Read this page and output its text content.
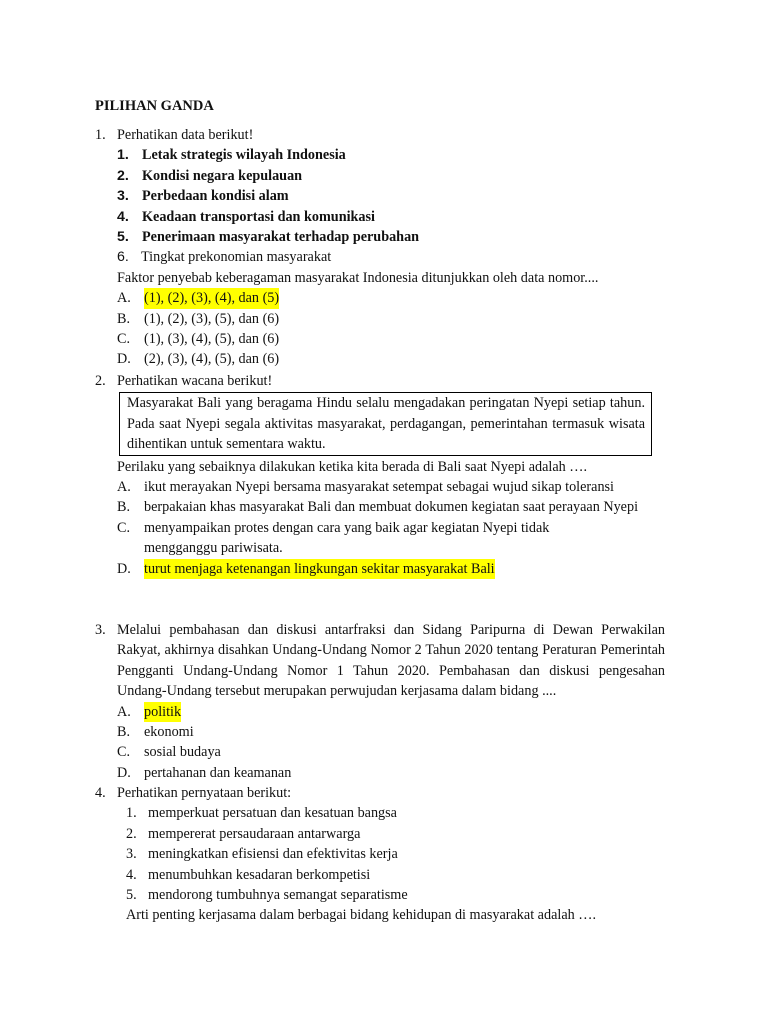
PILIHAN GANDA
1. Perhatikan data berikut!
1. Letak strategis wilayah Indonesia
2. Kondisi negara kepulauan
3. Perbedaan kondisi alam
4. Keadaan transportasi dan komunikasi
5. Penerimaan masyarakat terhadap perubahan
6. Tingkat prekonomian masyarakat
Faktor penyebab keberagaman masyarakat Indonesia ditunjukkan oleh data nomor....
A. (1), (2), (3), (4), dan (5)
B. (1), (2), (3), (5), dan (6)
C. (1), (3), (4), (5), dan (6)
D. (2), (3), (4), (5), dan (6)
2. Perhatikan wacana berikut!
Masyarakat Bali yang beragama Hindu selalu mengadakan peringatan Nyepi setiap tahun. Pada saat Nyepi segala aktivitas masyarakat, perdagangan, pemerintahan termasuk wisata dihentikan untuk sementara waktu.
Perilaku yang sebaiknya dilakukan ketika kita berada di Bali saat Nyepi adalah ….
A. ikut merayakan Nyepi bersama masyarakat setempat sebagai wujud sikap toleransi
B. berpakaian khas masyarakat Bali dan membuat dokumen kegiatan saat perayaan Nyepi
C. menyampaikan protes dengan cara yang baik agar kegiatan Nyepi tidak mengganggu pariwisata.
D. turut menjaga ketenangan lingkungan sekitar masyarakat Bali
3. Melalui pembahasan dan diskusi antarfraksi dan Sidang Paripurna di Dewan Perwakilan Rakyat, akhirnya disahkan Undang-Undang Nomor 2 Tahun 2020 tentang Peraturan Pemerintah Pengganti Undang-Undang Nomor 1 Tahun 2020. Pembahasan dan diskusi pengesahan Undang-Undang tersebut merupakan perwujudan kerjasama dalam bidang ....
A. politik
B. ekonomi
C. sosial budaya
D. pertahanan dan keamanan
4. Perhatikan pernyataan berikut:
1. memperkuat persatuan dan kesatuan bangsa
2. mempererat persaudaraan antarwarga
3. meningkatkan efisiensi dan efektivitas kerja
4. menumbuhkan kesadaran berkompetisi
5. mendorong tumbuhnya semangat separatisme
Arti penting kerjasama dalam berbagai bidang kehidupan di masyarakat adalah ….
